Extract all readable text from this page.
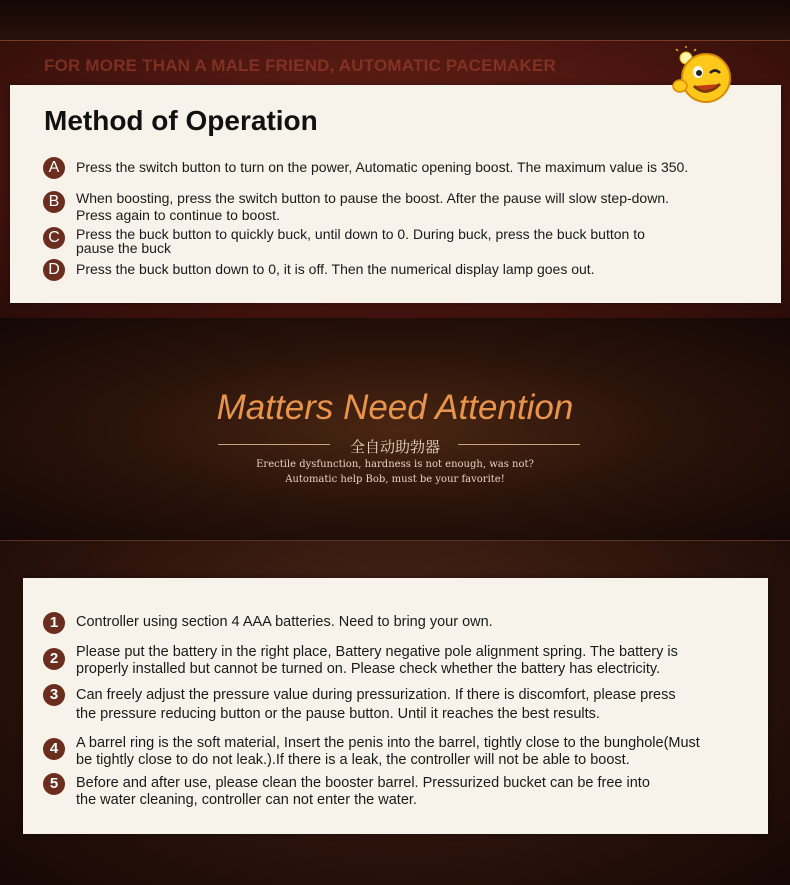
FOR MORE THAN A MALE FRIEND, AUTOMATIC PACEMAKER
Method of Operation
A	Press the switch button to turn on the power, Automatic opening boost. The maximum value is 350.
B	When boosting, press the switch button to pause the boost. After the pause will slow step-down.
Press again to continue to boost.
C	Press the buck button to quickly buck, until down to 0. During buck, press the buck button to
pause the buck
D	Press the buck button down to 0, it is off. Then the numerical display lamp goes out.
Matters Need Attention
全自动助勃器
Erectile dysfunction, hardness is not enough, was not?
Automatic help Bob, must be your favorite!
1	Controller using section 4 AAA batteries. Need to bring your own.
2	Please put the battery in the right place, Battery negative pole alignment spring. The battery is
properly installed but cannot be turned on. Please check whether the battery has electricity.
3	Can freely adjust the pressure value during pressurization. If there is discomfort, please press
the pressure reducing button or the pause button. Until it reaches the best results.
4	A barrel ring is the soft material, Insert the penis into the barrel, tightly close to the bunghole(Must
be tightly close to do not leak.).If there is a leak, the controller will not be able to boost.
5	Before and after use, please clean the booster barrel. Pressurized bucket can be free into
the water cleaning, controller can not enter the water.
